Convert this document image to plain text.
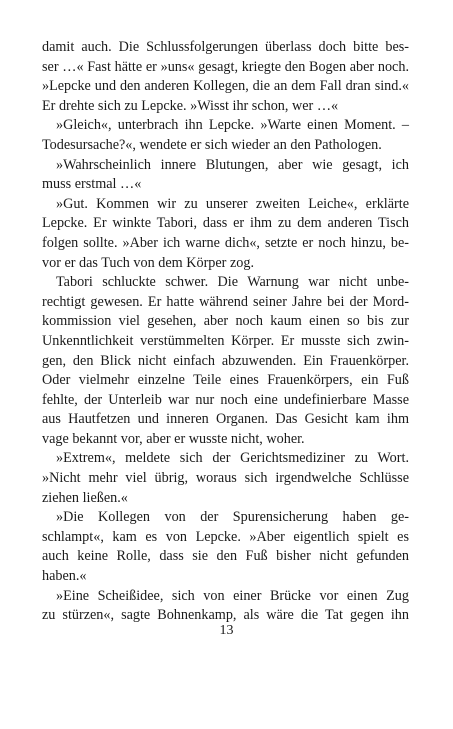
damit auch. Die Schlussfolgerungen überlass doch bitte bes-
ser …« Fast hätte er »uns« gesagt, kriegte den Bogen aber noch.
»Lepcke und den anderen Kollegen, die an dem Fall dran sind.«
Er drehte sich zu Lepcke. »Wisst ihr schon, wer …«
»Gleich«, unterbrach ihn Lepcke. »Warte einen Moment. –
Todesursache?«, wendete er sich wieder an den Pathologen.
»Wahrscheinlich innere Blutungen, aber wie gesagt, ich
muss erstmal …«
»Gut. Kommen wir zu unserer zweiten Leiche«, erklärte
Lepcke. Er winkte Tabori, dass er ihm zu dem anderen Tisch
folgen sollte. »Aber ich warne dich«, setzte er noch hinzu, be-
vor er das Tuch von dem Körper zog.
Tabori schluckte schwer. Die Warnung war nicht unbe-
rechtigt gewesen. Er hatte während seiner Jahre bei der Mord-
kommission viel gesehen, aber noch kaum einen so bis zur
Unkenntlichkeit verstümmelten Körper. Er musste sich zwin-
gen, den Blick nicht einfach abzuwenden. Ein Frauenkörper.
Oder vielmehr einzelne Teile eines Frauenkörpers, ein Fuß
fehlte, der Unterleib war nur noch eine undefinierbare Masse
aus Hautfetzen und inneren Organen. Das Gesicht kam ihm
vage bekannt vor, aber er wusste nicht, woher.
»Extrem«, meldete sich der Gerichtsmediziner zu Wort.
»Nicht mehr viel übrig, woraus sich irgendwelche Schlüsse
ziehen ließen.«
»Die Kollegen von der Spurensicherung haben ge-
schlampt«, kam es von Lepcke. »Aber eigentlich spielt es
auch keine Rolle, dass sie den Fuß bisher nicht gefunden
haben.«
»Eine Scheißidee, sich von einer Brücke vor einen Zug
zu stürzen«, sagte Bohnenkamp, als wäre die Tat gegen ihn
13
